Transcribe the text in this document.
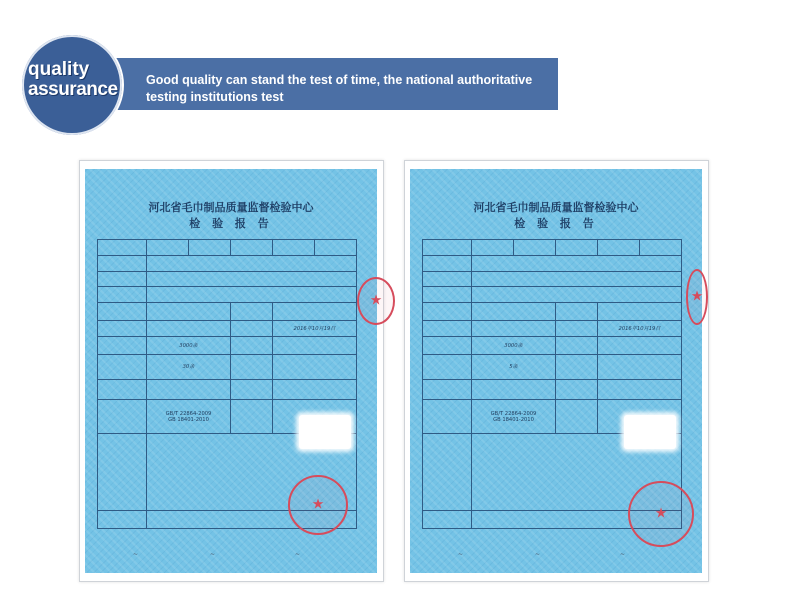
Good quality can stand the test of time, the national authoritative
testing institutions test
quality
assurance
河北省毛巾制品质量监督检验中心
检 验 报 告

				2016年10月19日	
	3000条				
	30条				

	GB/T 22864-2009
GB 18401-2010				

★
★
~	~	~
河北省毛巾制品质量监督检验中心
检 验 报 告

				2016年10月19日	
	3000条				
	5条				

	GB/T 22864-2009
GB 18401-2010				

★
★
~	~	~
